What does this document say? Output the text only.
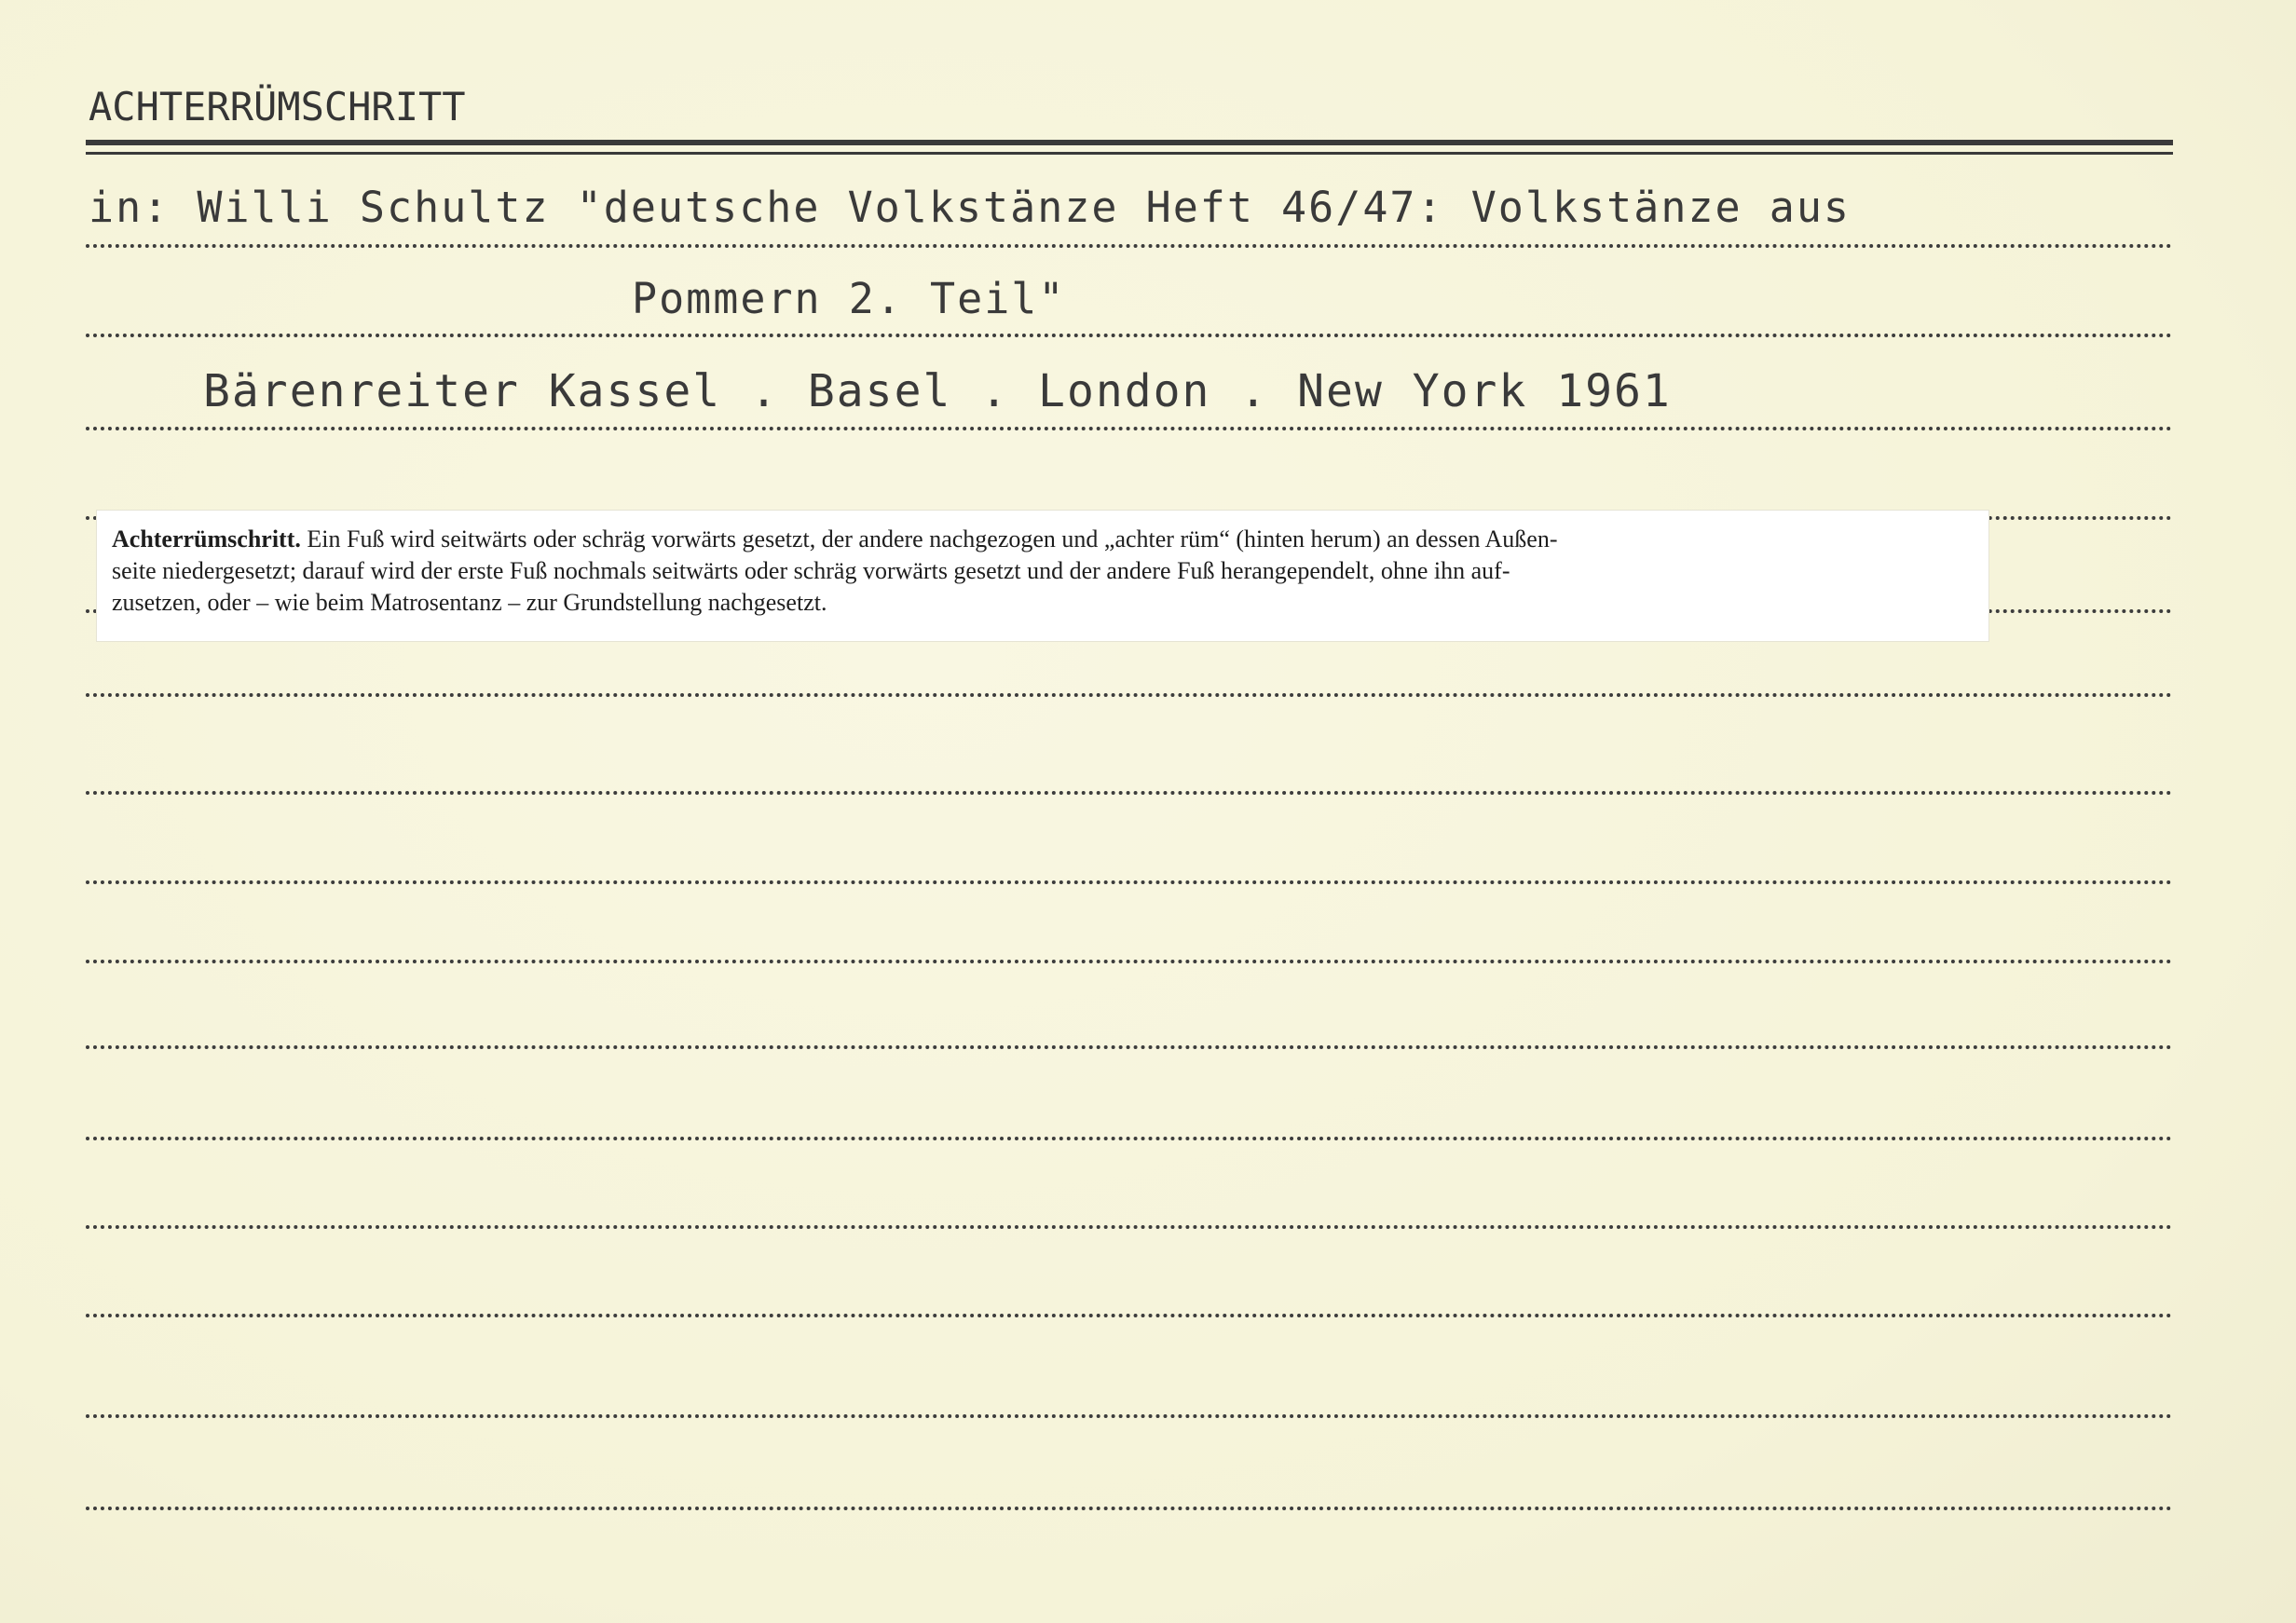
ACHTERRÜMSCHRITT
in: Willi Schultz "deutsche Volkstänze Heft 46/47: Volkstänze aus
Pommern 2. Teil"
Bärenreiter Kassel . Basel . London . New York 1961

Achterrümschritt. Ein Fuß wird seitwärts oder schräg vorwärts gesetzt, der andere nachgezogen und „achter rüm“ (hinten herum) an dessen Außen-
seite niedergesetzt; darauf wird der erste Fuß nochmals seitwärts oder schräg vorwärts gesetzt und der andere Fuß herangependelt, ohne ihn auf-
zusetzen, oder – wie beim Matrosentanz – zur Grundstellung nachgesetzt.
